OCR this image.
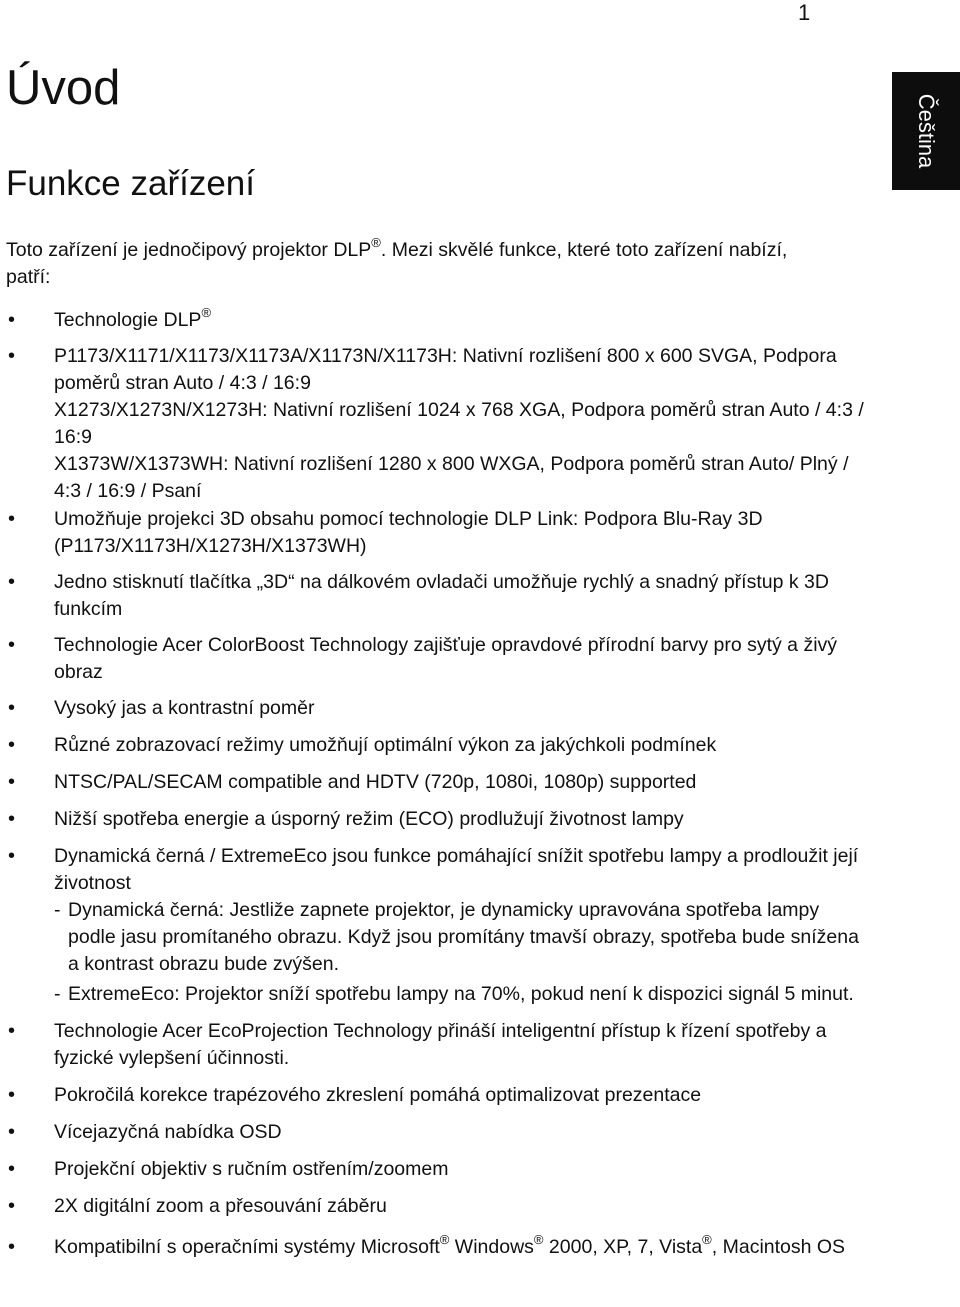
1
Čeština
Úvod
Funkce zařízení

Toto zařízení je jednočipový projektor DLP®. Mezi skvělé funkce, které toto zařízení nabízí, patří:

• Technologie DLP®
• P1173/X1171/X1173/X1173A/X1173N/X1173H: Nativní rozlišení 800 x 600 SVGA, Podpora poměrů stran Auto / 4:3 / 16:9
X1273/X1273N/X1273H: Nativní rozlišení 1024 x 768 XGA, Podpora poměrů stran Auto / 4:3 / 16:9
X1373W/X1373WH: Nativní rozlišení 1280 x 800 WXGA, Podpora poměrů stran Auto/ Plný / 4:3 / 16:9 / Psaní
• Umožňuje projekci 3D obsahu pomocí technologie DLP Link: Podpora Blu-Ray 3D (P1173/X1173H/X1273H/X1373WH)
• Jedno stisknutí tlačítka „3D“ na dálkovém ovladači umožňuje rychlý a snadný přístup k 3D funkcím
• Technologie Acer ColorBoost Technology zajišťuje opravdové přírodní barvy pro sytý a živý obraz
• Vysoký jas a kontrastní poměr
• Různé zobrazovací režimy umožňují optimální výkon za jakýchkoli podmínek
• NTSC/PAL/SECAM compatible and HDTV (720p, 1080i, 1080p) supported
• Nižší spotřeba energie a úsporný režim (ECO) prodlužují životnost lampy
• Dynamická černá / ExtremeEco jsou funkce pomáhající snížit spotřebu lampy a prodloužit její životnost
- Dynamická černá: Jestliže zapnete projektor, je dynamicky upravována spotřeba lampy podle jasu promítaného obrazu. Když jsou promítány tmavší obrazy, spotřeba bude snížena a kontrast obrazu bude zvýšen.
- ExtremeEco: Projektor sníží spotřebu lampy na 70%, pokud není k dispozici signál 5 minut.
• Technologie Acer EcoProjection Technology přináší inteligentní přístup k řízení spotřeby a fyzické vylepšení účinnosti.
• Pokročilá korekce trapézového zkreslení pomáhá optimalizovat prezentace
• Vícejazyčná nabídka OSD
• Projekční objektiv s ručním ostřením/zoomem
• 2X digitální zoom a přesouvání záběru
• Kompatibilní s operačními systémy Microsoft® Windows® 2000, XP, 7, Vista®, Macintosh OS
